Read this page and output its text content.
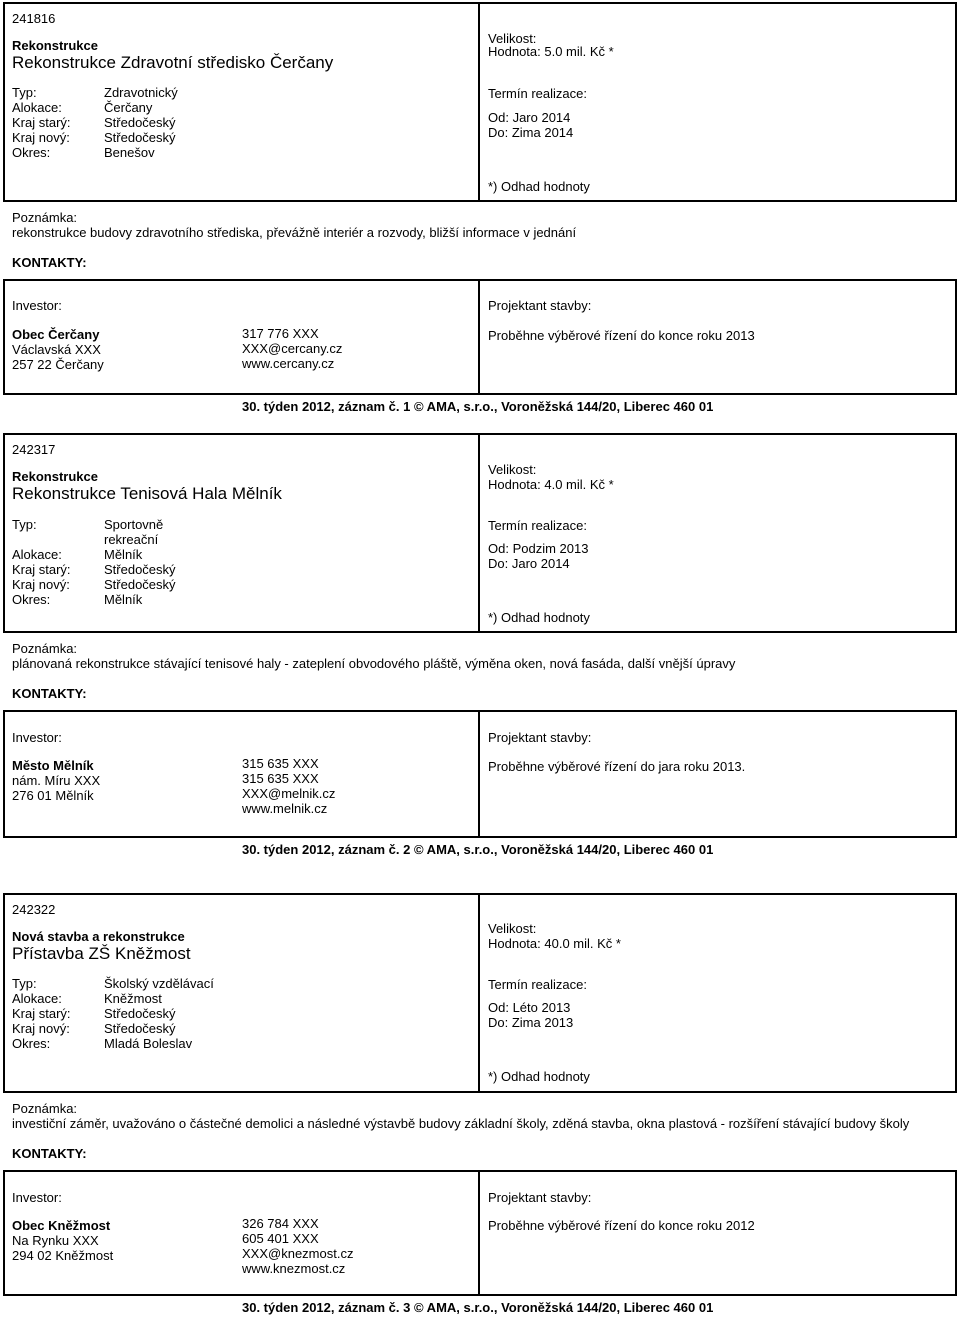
241816
Rekonstrukce
Rekonstrukce Zdravotní středisko Čerčany
Typ:	Zdravotnický
Alokace:	Čerčany
Kraj starý:	Středočeský
Kraj nový:	Středočeský
Okres:	Benešov
Velikost:
Hodnota: 5.0 mil. Kč *
Termín realizace:
Od: Jaro 2014
Do: Zima 2014
*) Odhad hodnoty
Poznámka:
rekonstrukce budovy zdravotního střediska, převážně interiér a rozvody, bližší informace v jednání
KONTAKTY:
Investor:
Obec Čerčany
Václavská XXX
257 22 Čerčany
317 776 XXX
XXX@cercany.cz
www.cercany.cz
Projektant stavby:
Proběhne výběrové řízení do konce roku 2013
30. týden 2012, záznam č. 1 © AMA, s.r.o., Voroněžská 144/20, Liberec 460 01
242317
Rekonstrukce
Rekonstrukce Tenisová Hala Mělník
Typ:	Sportovně
rekreační
Alokace:	Mělník
Kraj starý:	Středočeský
Kraj nový:	Středočeský
Okres:	Mělník
Velikost:
Hodnota: 4.0 mil. Kč *
Termín realizace:
Od: Podzim 2013
Do: Jaro 2014
*) Odhad hodnoty
Poznámka:
plánovaná rekonstrukce stávající tenisové haly - zateplení obvodového pláště, výměna oken, nová fasáda, další vnější úpravy
KONTAKTY:
Investor:
Město Mělník
nám. Míru XXX
276 01 Mělník
315 635 XXX
315 635 XXX
XXX@melnik.cz
www.melnik.cz
Projektant stavby:
Proběhne výběrové řízení do jara roku 2013.
30. týden 2012, záznam č. 2 © AMA, s.r.o., Voroněžská 144/20, Liberec 460 01
242322
Nová stavba a rekonstrukce
Přístavba ZŠ Kněžmost
Typ:	Školský vzdělávací
Alokace:	Kněžmost
Kraj starý:	Středočeský
Kraj nový:	Středočeský
Okres:	Mladá Boleslav
Velikost:
Hodnota: 40.0 mil. Kč *
Termín realizace:
Od: Léto 2013
Do: Zima 2013
*) Odhad hodnoty
Poznámka:
investiční záměr, uvažováno o částečné demolici a následné výstavbě budovy základní školy, zděná stavba, okna plastová - rozšíření stávající budovy školy
KONTAKTY:
Investor:
Obec Kněžmost
Na Rynku XXX
294 02 Kněžmost
326 784 XXX
605 401 XXX
XXX@knezmost.cz
www.knezmost.cz
Projektant stavby:
Proběhne výběrové řízení do konce roku 2012
30. týden 2012, záznam č. 3 © AMA, s.r.o., Voroněžská 144/20, Liberec 460 01
